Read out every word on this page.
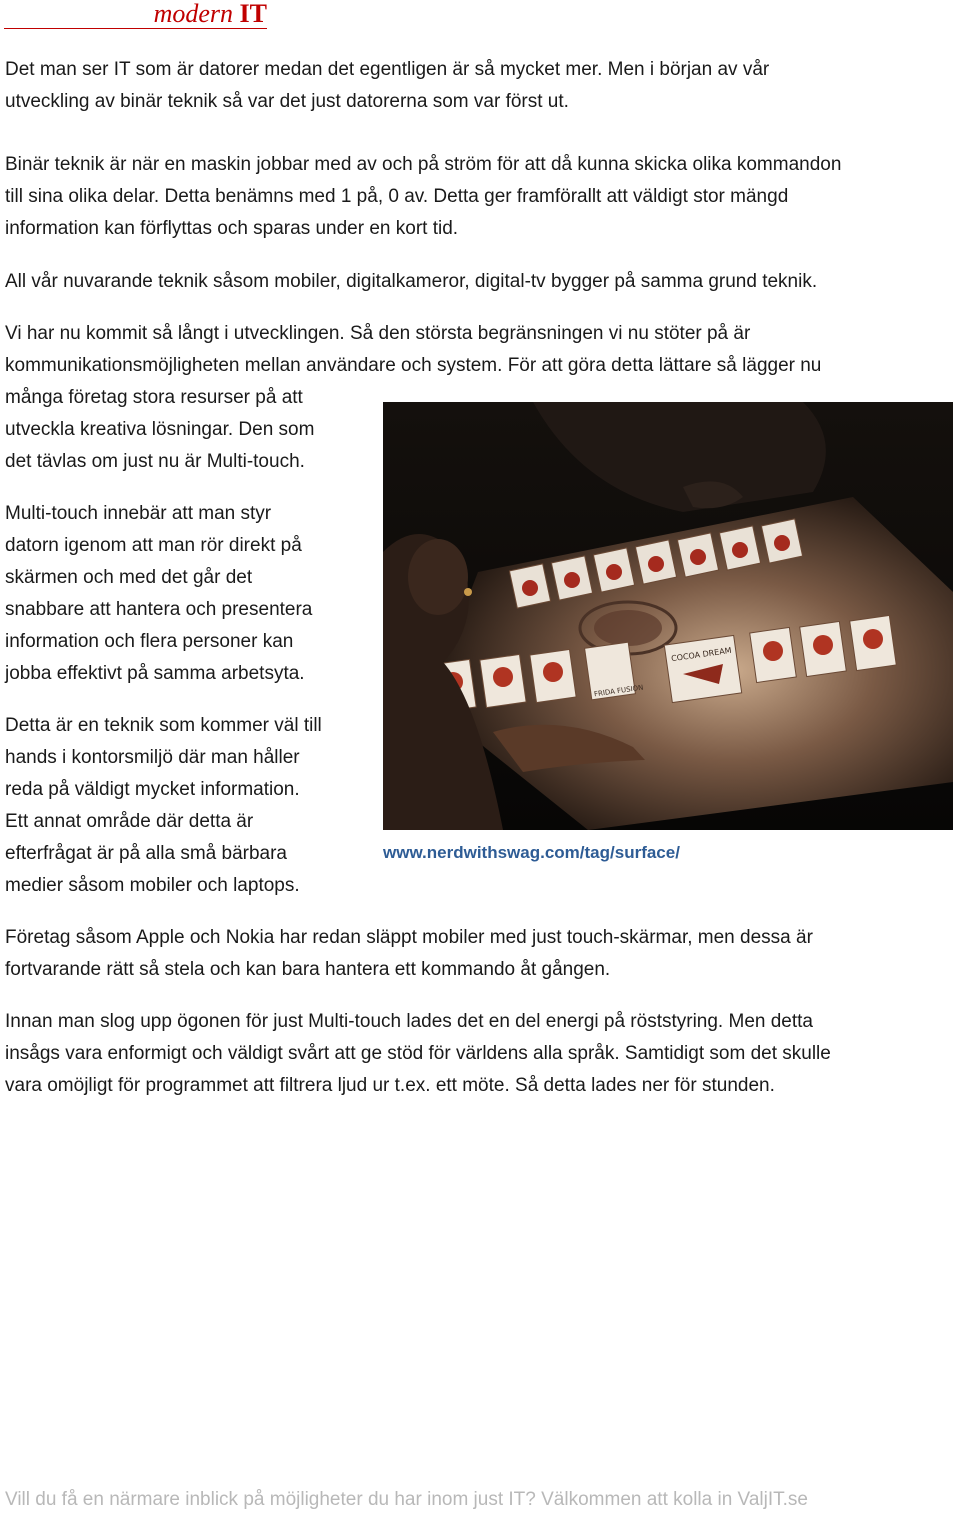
modern IT

Det man ser IT som är datorer medan det egentligen är så mycket mer. Men i början av vår
utveckling av binär teknik så var det just datorerna som var först ut.

Binär teknik är när en maskin jobbar med av och på ström för att då kunna skicka olika kommandon
till sina olika delar. Detta benämns med 1 på, 0 av. Detta ger framförallt att väldigt stor mängd
information kan förflyttas och sparas under en kort tid.

All vår nuvarande teknik såsom mobiler, digitalkameror, digital-tv bygger på samma grund teknik.

Vi har nu kommit så långt i utvecklingen. Så den största begränsningen vi nu stöter på är
kommunikationsmöjligheten mellan användare och system. För att göra detta lättare så lägger nu
många företag stora resurser på att
utveckla kreativa lösningar. Den som
det tävlas om just nu är Multi-touch.

Multi-touch innebär att man styr
datorn igenom att man rör direkt på
skärmen och med det går det
snabbare att hantera och presentera
information och flera personer kan
jobba effektivt på samma arbetsyta.

Detta är en teknik som kommer väl till
hands i kontorsmiljö där man håller
reda på väldigt mycket information.
Ett annat område där detta är
efterfrågat är på alla små bärbara
medier såsom mobiler och laptops.

FRIDA FUSION
COCOA DREAM
www.nerdwithswag.com/tag/surface/

Företag såsom Apple och Nokia har redan släppt mobiler med just touch-skärmar, men dessa är
fortvarande rätt så stela och kan bara hantera ett kommando åt gången.

Innan man slog upp ögonen för just Multi-touch lades det en del energi på röststyring. Men detta
insågs vara enformigt och väldigt svårt att ge stöd för världens alla språk. Samtidigt som det skulle
vara omöjligt för programmet att filtrera ljud ur t.ex. ett möte. Så detta lades ner för stunden.

Vill du få en närmare inblick på möjligheter du har inom just IT? Välkommen att kolla in ValjIT.se
